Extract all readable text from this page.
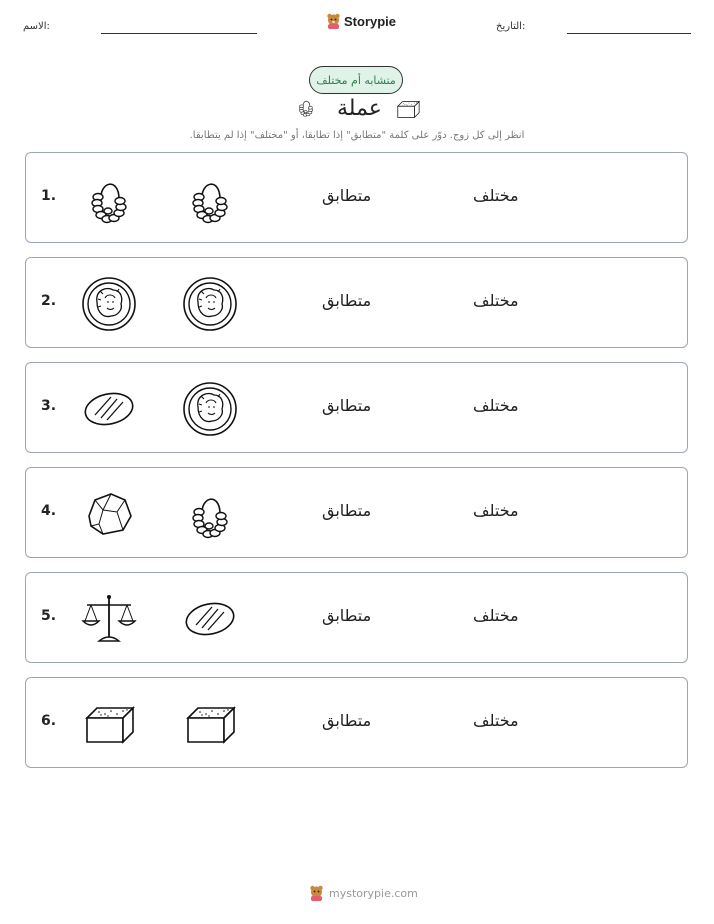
الاسم:	Storypie	التاريخ:
متشابه أم مختلف
عملة
انظر إلى كل زوج. دوّر على كلمة "متطابق" إذا تطابقا، أو "مختلف" إذا لم يتطابقا.
1.	متطابق	مختلف
2.	متطابق	مختلف
3.	متطابق	مختلف
4.	متطابق	مختلف
5.	متطابق	مختلف
6.	متطابق	مختلف
mystorypie.com
